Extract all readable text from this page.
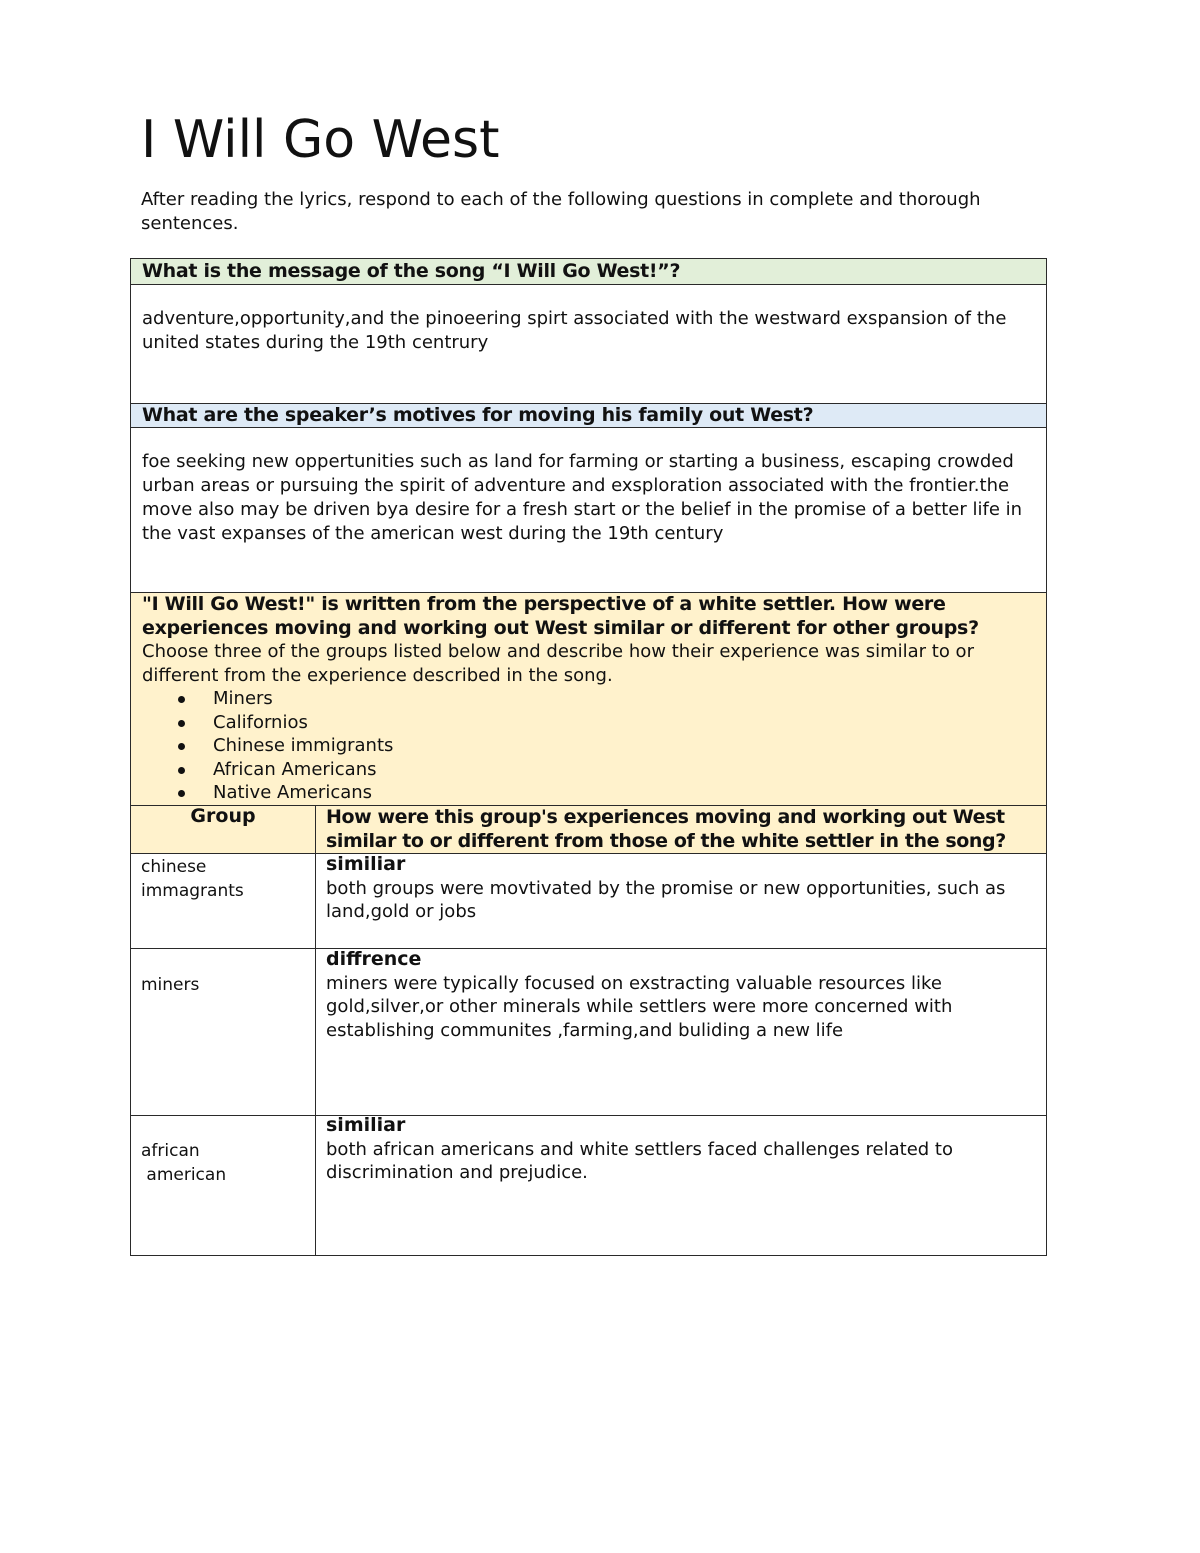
I Will Go West

After reading the lyrics, respond to each of the following questions in complete and thorough sentences.

What is the message of the song “I Will Go West!”?
adventure,opportunity,and the pinoeering spirt associated with the westward exspansion of the united states during the 19th centrury
What are the speaker’s motives for moving his family out West?
foe seeking new oppertunities such as land for farming or starting a business, escaping crowded urban areas or pursuing the spirit of adventure and exsploration associated with the frontier.the move also may be driven bya desire for a fresh start or the belief in the promise of a better life in the vast expanses of the american west during the 19th century
"I Will Go West!" is written from the perspective of a white settler. How were experiences moving and working out West similar or different for other groups?
Choose three of the groups listed below and describe how their experience was similar to or different from the experience described in the song.
Miners
Californios
Chinese immigrants
African Americans
Native Americans
Group	How were this group's experiences moving and working out West similar to or different from those of the white settler in the song?
chinese
immagrants
similiar
both groups were movtivated by the promise or new opportunities, such as land,gold or jobs
miners
diffrence
miners were typically focused on exstracting valuable resources like gold,silver,or other minerals while settlers were more concerned with establishing communites ,farming,and buliding a new life
african
american
similiar
both african americans and white settlers faced challenges related to discrimination and prejudice.
